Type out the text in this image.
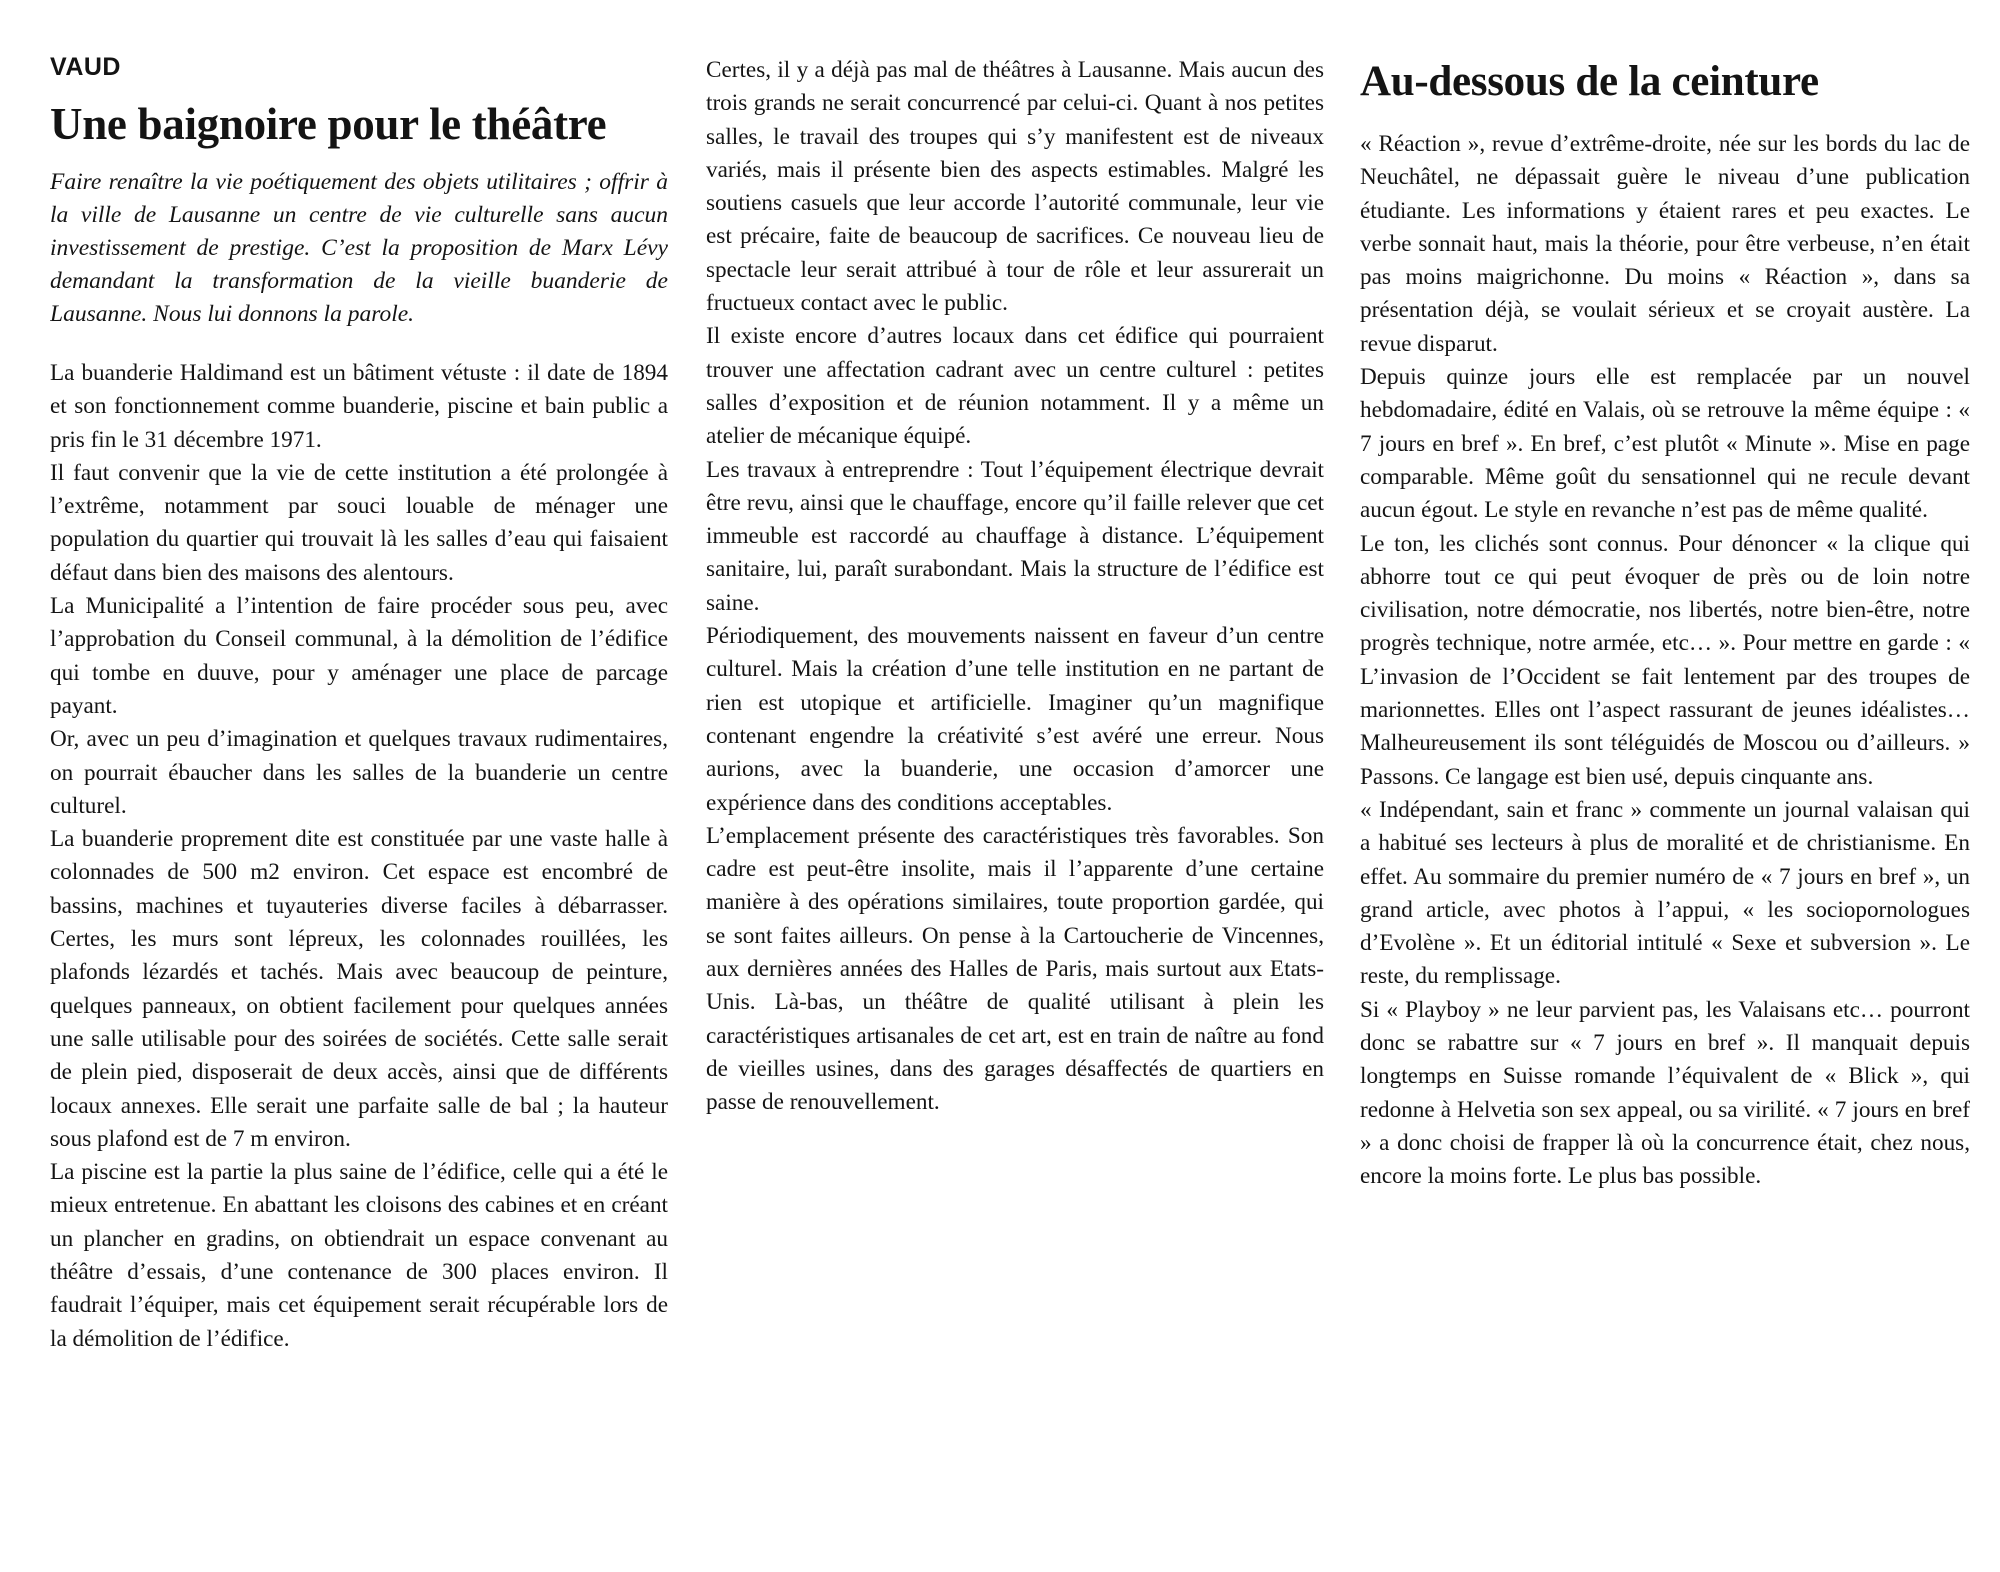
VAUD
Une baignoire pour le théâtre

Faire renaître la vie poétiquement des objets utilitaires ; offrir à la ville de Lausanne un centre de vie culturelle sans aucun investissement de prestige. C’est la proposition de Marx Lévy demandant la transformation de la vieille buanderie de Lausanne. Nous lui donnons la parole.

La buanderie Haldimand est un bâtiment vétuste : il date de 1894 et son fonctionnement comme buanderie, piscine et bain public a pris fin le 31 décembre 1971.

Il faut convenir que la vie de cette institution a été prolongée à l’extrême, notamment par souci louable de ménager une population du quartier qui trouvait là les salles d’eau qui faisaient défaut dans bien des maisons des alentours.

La Municipalité a l’intention de faire procéder sous peu, avec l’approbation du Conseil communal, à la démolition de l’édifice qui tombe en duuve, pour y aménager une place de parcage payant.

Or, avec un peu d’imagination et quelques travaux rudimentaires, on pourrait ébaucher dans les salles de la buanderie un centre culturel.

La buanderie proprement dite est constituée par une vaste halle à colonnades de 500 m2 environ. Cet espace est encombré de bassins, machines et tuyauteries diverse faciles à débarrasser. Certes, les murs sont lépreux, les colonnades rouillées, les plafonds lézardés et tachés. Mais avec beaucoup de peinture, quelques panneaux, on obtient facilement pour quelques années une salle utilisable pour des soirées de sociétés. Cette salle serait de plein pied, disposerait de deux accès, ainsi que de différents locaux annexes. Elle serait une parfaite salle de bal ; la hauteur sous plafond est de 7 m environ.

La piscine est la partie la plus saine de l’édifice, celle qui a été le mieux entretenue. En abattant les cloisons des cabines et en créant un plancher en gradins, on obtiendrait un espace convenant au théâtre d’essais, d’une contenance de 300 places environ. Il faudrait l’équiper, mais cet équipement serait récupérable lors de la démolition de l’édifice.

Certes, il y a déjà pas mal de théâtres à Lausanne. Mais aucun des trois grands ne serait concurrencé par celui-ci. Quant à nos petites salles, le travail des troupes qui s’y manifestent est de niveaux variés, mais il présente bien des aspects estimables. Malgré les soutiens casuels que leur accorde l’autorité communale, leur vie est précaire, faite de beaucoup de sacrifices. Ce nouveau lieu de spectacle leur serait attribué à tour de rôle et leur assurerait un fructueux contact avec le public.

Il existe encore d’autres locaux dans cet édifice qui pourraient trouver une affectation cadrant avec un centre culturel : petites salles d’exposition et de réunion notamment. Il y a même un atelier de mécanique équipé.

Les travaux à entreprendre : Tout l’équipement électrique devrait être revu, ainsi que le chauffage, encore qu’il faille relever que cet immeuble est raccordé au chauffage à distance. L’équipement sanitaire, lui, paraît surabondant. Mais la structure de l’édifice est saine.

Périodiquement, des mouvements naissent en faveur d’un centre culturel. Mais la création d’une telle institution en ne partant de rien est utopique et artificielle. Imaginer qu’un magnifique contenant engendre la créativité s’est avéré une erreur. Nous aurions, avec la buanderie, une occasion d’amorcer une expérience dans des conditions acceptables.

L’emplacement présente des caractéristiques très favorables. Son cadre est peut-être insolite, mais il l’apparente d’une certaine manière à des opérations similaires, toute proportion gardée, qui se sont faites ailleurs. On pense à la Cartoucherie de Vincennes, aux dernières années des Halles de Paris, mais surtout aux Etats-Unis. Là-bas, un théâtre de qualité utilisant à plein les caractéristiques artisanales de cet art, est en train de naître au fond de vieilles usines, dans des garages désaffectés de quartiers en passe de renouvellement.

Au-dessous de la ceinture

« Réaction », revue d’extrême-droite, née sur les bords du lac de Neuchâtel, ne dépassait guère le niveau d’une publication étudiante. Les informations y étaient rares et peu exactes. Le verbe sonnait haut, mais la théorie, pour être verbeuse, n’en était pas moins maigrichonne. Du moins « Réaction », dans sa présentation déjà, se voulait sérieux et se croyait austère. La revue disparut.

Depuis quinze jours elle est remplacée par un nouvel hebdomadaire, édité en Valais, où se retrouve la même équipe : « 7 jours en bref ». En bref, c’est plutôt « Minute ». Mise en page comparable. Même goût du sensationnel qui ne recule devant aucun égout. Le style en revanche n’est pas de même qualité.

Le ton, les clichés sont connus. Pour dénoncer « la clique qui abhorre tout ce qui peut évoquer de près ou de loin notre civilisation, notre démocratie, nos libertés, notre bien-être, notre progrès technique, notre armée, etc… ». Pour mettre en garde : « L’invasion de l’Occident se fait lentement par des troupes de marionnettes. Elles ont l’aspect rassurant de jeunes idéalistes… Malheureusement ils sont téléguidés de Moscou ou d’ailleurs. » Passons. Ce langage est bien usé, depuis cinquante ans.

« Indépendant, sain et franc » commente un journal valaisan qui a habitué ses lecteurs à plus de moralité et de christianisme. En effet. Au sommaire du premier numéro de « 7 jours en bref », un grand article, avec photos à l’appui, « les sociopornologues d’Evolène ». Et un éditorial intitulé « Sexe et subversion ». Le reste, du remplissage.

Si « Playboy » ne leur parvient pas, les Valaisans etc… pourront donc se rabattre sur « 7 jours en bref ». Il manquait depuis longtemps en Suisse romande l’équivalent de « Blick », qui redonne à Helvetia son sex appeal, ou sa virilité. « 7 jours en bref » a donc choisi de frapper là où la concurrence était, chez nous, encore la moins forte. Le plus bas possible.
